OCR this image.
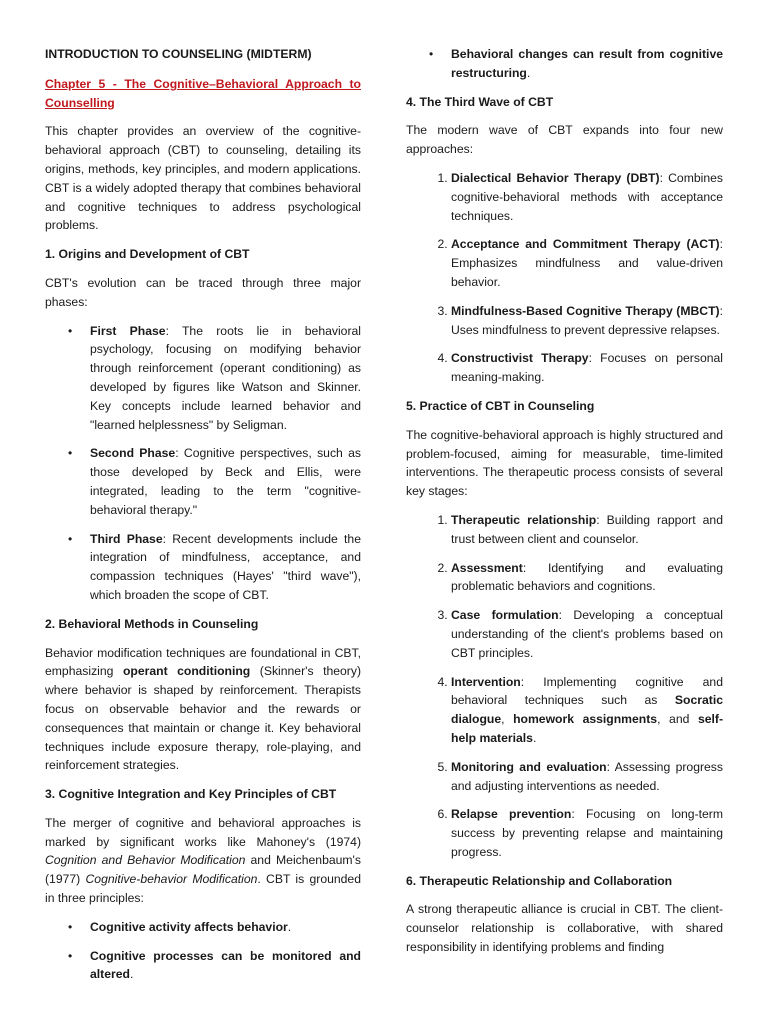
INTRODUCTION TO COUNSELING (MIDTERM)

Chapter 5 - The Cognitive–Behavioral Approach to Counselling

This chapter provides an overview of the cognitive-behavioral approach (CBT) to counseling, detailing its origins, methods, key principles, and modern applications. CBT is a widely adopted therapy that combines behavioral and cognitive techniques to address psychological problems.

1. Origins and Development of CBT

CBT's evolution can be traced through three major phases:

• First Phase: The roots lie in behavioral psychology, focusing on modifying behavior through reinforcement (operant conditioning) as developed by figures like Watson and Skinner. Key concepts include learned behavior and "learned helplessness" by Seligman.
• Second Phase: Cognitive perspectives, such as those developed by Beck and Ellis, were integrated, leading to the term "cognitive-behavioral therapy."
• Third Phase: Recent developments include the integration of mindfulness, acceptance, and compassion techniques (Hayes' "third wave"), which broaden the scope of CBT.

2. Behavioral Methods in Counseling

Behavior modification techniques are foundational in CBT, emphasizing operant conditioning (Skinner's theory) where behavior is shaped by reinforcement. Therapists focus on observable behavior and the rewards or consequences that maintain or change it. Key behavioral techniques include exposure therapy, role-playing, and reinforcement strategies.

3. Cognitive Integration and Key Principles of CBT

The merger of cognitive and behavioral approaches is marked by significant works like Mahoney's (1974) Cognition and Behavior Modification and Meichenbaum's (1977) Cognitive-behavior Modification. CBT is grounded in three principles:

• Cognitive activity affects behavior.
• Cognitive processes can be monitored and altered.
• Behavioral changes can result from cognitive restructuring.

4. The Third Wave of CBT

The modern wave of CBT expands into four new approaches:

1. Dialectical Behavior Therapy (DBT): Combines cognitive-behavioral methods with acceptance techniques.
2. Acceptance and Commitment Therapy (ACT): Emphasizes mindfulness and value-driven behavior.
3. Mindfulness-Based Cognitive Therapy (MBCT): Uses mindfulness to prevent depressive relapses.
4. Constructivist Therapy: Focuses on personal meaning-making.

5. Practice of CBT in Counseling

The cognitive-behavioral approach is highly structured and problem-focused, aiming for measurable, time-limited interventions. The therapeutic process consists of several key stages:

1. Therapeutic relationship: Building rapport and trust between client and counselor.
2. Assessment: Identifying and evaluating problematic behaviors and cognitions.
3. Case formulation: Developing a conceptual understanding of the client's problems based on CBT principles.
4. Intervention: Implementing cognitive and behavioral techniques such as Socratic dialogue, homework assignments, and self-help materials.
5. Monitoring and evaluation: Assessing progress and adjusting interventions as needed.
6. Relapse prevention: Focusing on long-term success by preventing relapse and maintaining progress.

6. Therapeutic Relationship and Collaboration

A strong therapeutic alliance is crucial in CBT. The client-counselor relationship is collaborative, with shared responsibility in identifying problems and finding
